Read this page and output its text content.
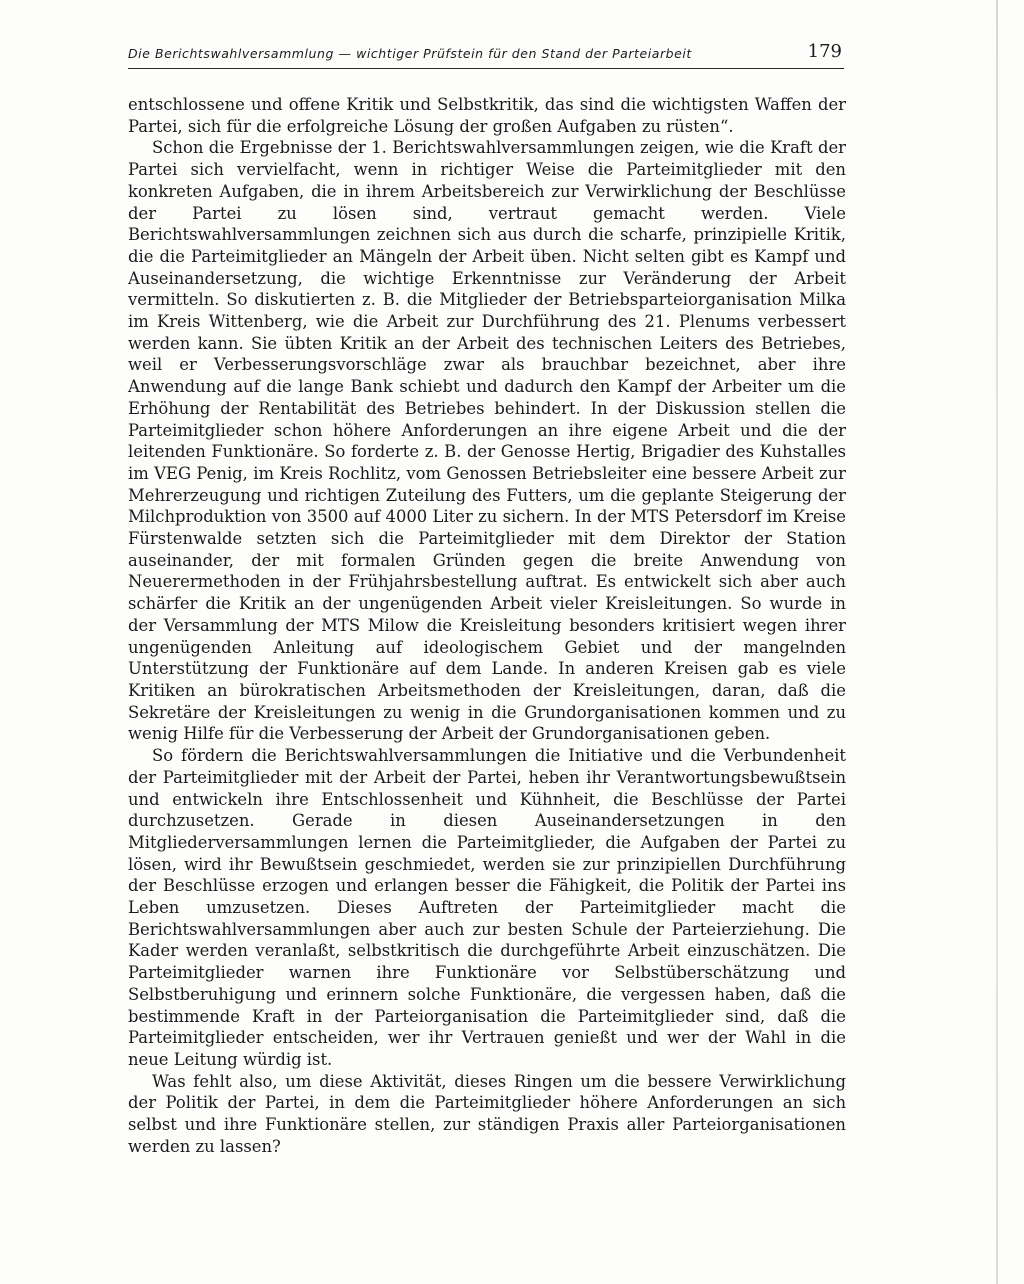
Die Berichtswahlversammlung — wichtiger Prüfstein für den Stand der Parteiarbeit	179

entschlossene und offene Kritik und Selbstkritik, das sind die wichtigsten Waffen der Partei, sich für die erfolgreiche Lösung der großen Aufgaben zu rüsten“.

Schon die Ergebnisse der 1. Berichtswahlversammlungen zeigen, wie die Kraft der Partei sich vervielfacht, wenn in richtiger Weise die Parteimitglieder mit den konkreten Aufgaben, die in ihrem Arbeitsbereich zur Verwirklichung der Beschlüsse der Partei zu lösen sind, vertraut gemacht werden. Viele Berichtswahlversammlungen zeichnen sich aus durch die scharfe, prinzipielle Kritik, die die Parteimitglieder an Mängeln der Arbeit üben. Nicht selten gibt es Kampf und Auseinandersetzung, die wichtige Erkenntnisse zur Veränderung der Arbeit vermitteln. So diskutierten z. B. die Mitglieder der Betriebsparteiorganisation Milka im Kreis Wittenberg, wie die Arbeit zur Durchführung des 21. Plenums verbessert werden kann. Sie übten Kritik an der Arbeit des technischen Leiters des Betriebes, weil er Verbesserungsvorschläge zwar als brauchbar bezeichnet, aber ihre Anwendung auf die lange Bank schiebt und dadurch den Kampf der Arbeiter um die Erhöhung der Rentabilität des Betriebes behindert. In der Diskussion stellen die Parteimitglieder schon höhere Anforderungen an ihre eigene Arbeit und die der leitenden Funktionäre. So forderte z. B. der Genosse Hertig, Brigadier des Kuhstalles im VEG Penig, im Kreis Rochlitz, vom Genossen Betriebsleiter eine bessere Arbeit zur Mehrerzeugung und richtigen Zuteilung des Futters, um die geplante Steigerung der Milchproduktion von 3500 auf 4000 Liter zu sichern. In der MTS Petersdorf im Kreise Fürstenwalde setzten sich die Parteimitglieder mit dem Direktor der Station auseinander, der mit formalen Gründen gegen die breite Anwendung von Neuerermethoden in der Frühjahrsbestellung auftrat. Es entwickelt sich aber auch schärfer die Kritik an der ungenügenden Arbeit vieler Kreisleitungen. So wurde in der Versammlung der MTS Milow die Kreisleitung besonders kritisiert wegen ihrer ungenügenden Anleitung auf ideologischem Gebiet und der mangelnden Unterstützung der Funktionäre auf dem Lande. In anderen Kreisen gab es viele Kritiken an bürokratischen Arbeitsmethoden der Kreisleitungen, daran, daß die Sekretäre der Kreisleitungen zu wenig in die Grundorganisationen kommen und zu wenig Hilfe für die Verbesserung der Arbeit der Grundorganisationen geben.

So fördern die Berichtswahlversammlungen die Initiative und die Verbundenheit der Parteimitglieder mit der Arbeit der Partei, heben ihr Verantwortungsbewußtsein und entwickeln ihre Entschlossenheit und Kühnheit, die Beschlüsse der Partei durchzusetzen. Gerade in diesen Auseinandersetzungen in den Mitgliederversammlungen lernen die Parteimitglieder, die Aufgaben der Partei zu lösen, wird ihr Bewußtsein geschmiedet, werden sie zur prinzipiellen Durchführung der Beschlüsse erzogen und erlangen besser die Fähigkeit, die Politik der Partei ins Leben umzusetzen. Dieses Auftreten der Parteimitglieder macht die Berichtswahlversammlungen aber auch zur besten Schule der Parteierziehung. Die Kader werden veranlaßt, selbstkritisch die durchgeführte Arbeit einzuschätzen. Die Parteimitglieder warnen ihre Funktionäre vor Selbstüberschätzung und Selbstberuhigung und erinnern solche Funktionäre, die vergessen haben, daß die bestimmende Kraft in der Parteiorganisation die Parteimitglieder sind, daß die Parteimitglieder entscheiden, wer ihr Vertrauen genießt und wer der Wahl in die neue Leitung würdig ist.

Was fehlt also, um diese Aktivität, dieses Ringen um die bessere Verwirklichung der Politik der Partei, in dem die Parteimitglieder höhere Anforderungen an sich selbst und ihre Funktionäre stellen, zur ständigen Praxis aller Parteiorganisationen werden zu lassen?
